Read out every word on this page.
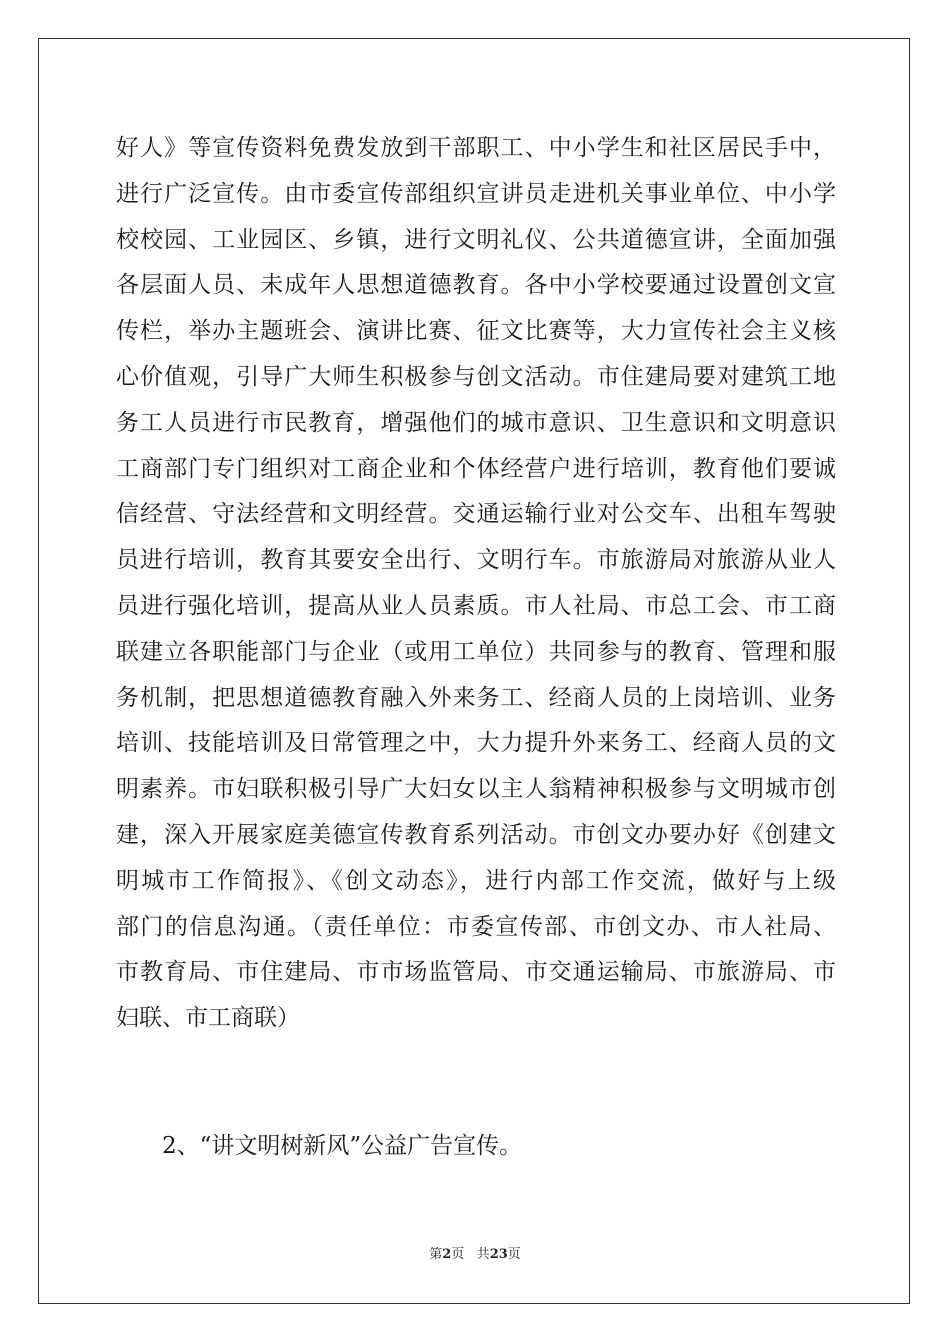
好人》等宣传资料免费发放到干部职工、中小学生和社区居民手中，
进行广泛宣传。由市委宣传部组织宣讲员走进机关事业单位、中小学
校校园、工业园区、乡镇，进行文明礼仪、公共道德宣讲，全面加强
各层面人员、未成年人思想道德教育。各中小学校要通过设置创文宣
传栏，举办主题班会、演讲比赛、征文比赛等，大力宣传社会主义核
心价值观，引导广大师生积极参与创文活动。市住建局要对建筑工地
务工人员进行市民教育，增强他们的城市意识、卫生意识和文明意识
工商部门专门组织对工商企业和个体经营户进行培训，教育他们要诚
信经营、守法经营和文明经营。交通运输行业对公交车、出租车驾驶
员进行培训，教育其要安全出行、文明行车。市旅游局对旅游从业人
员进行强化培训，提高从业人员素质。市人社局、市总工会、市工商
联建立各职能部门与企业（或用工单位）共同参与的教育、管理和服
务机制，把思想道德教育融入外来务工、经商人员的上岗培训、业务
培训、技能培训及日常管理之中，大力提升外来务工、经商人员的文
明素养。市妇联积极引导广大妇女以主人翁精神积极参与文明城市创
建，深入开展家庭美德宣传教育系列活动。市创文办要办好《创建文
明城市工作简报》、《创文动态》，进行内部工作交流，做好与上级
部门的信息沟通。（责任单位：市委宣传部、市创文办、市人社局、
市教育局、市住建局、市市场监管局、市交通运输局、市旅游局、市
妇联、市工商联）
2、“讲文明树新风”公益广告宣传。
第2页 共23页
